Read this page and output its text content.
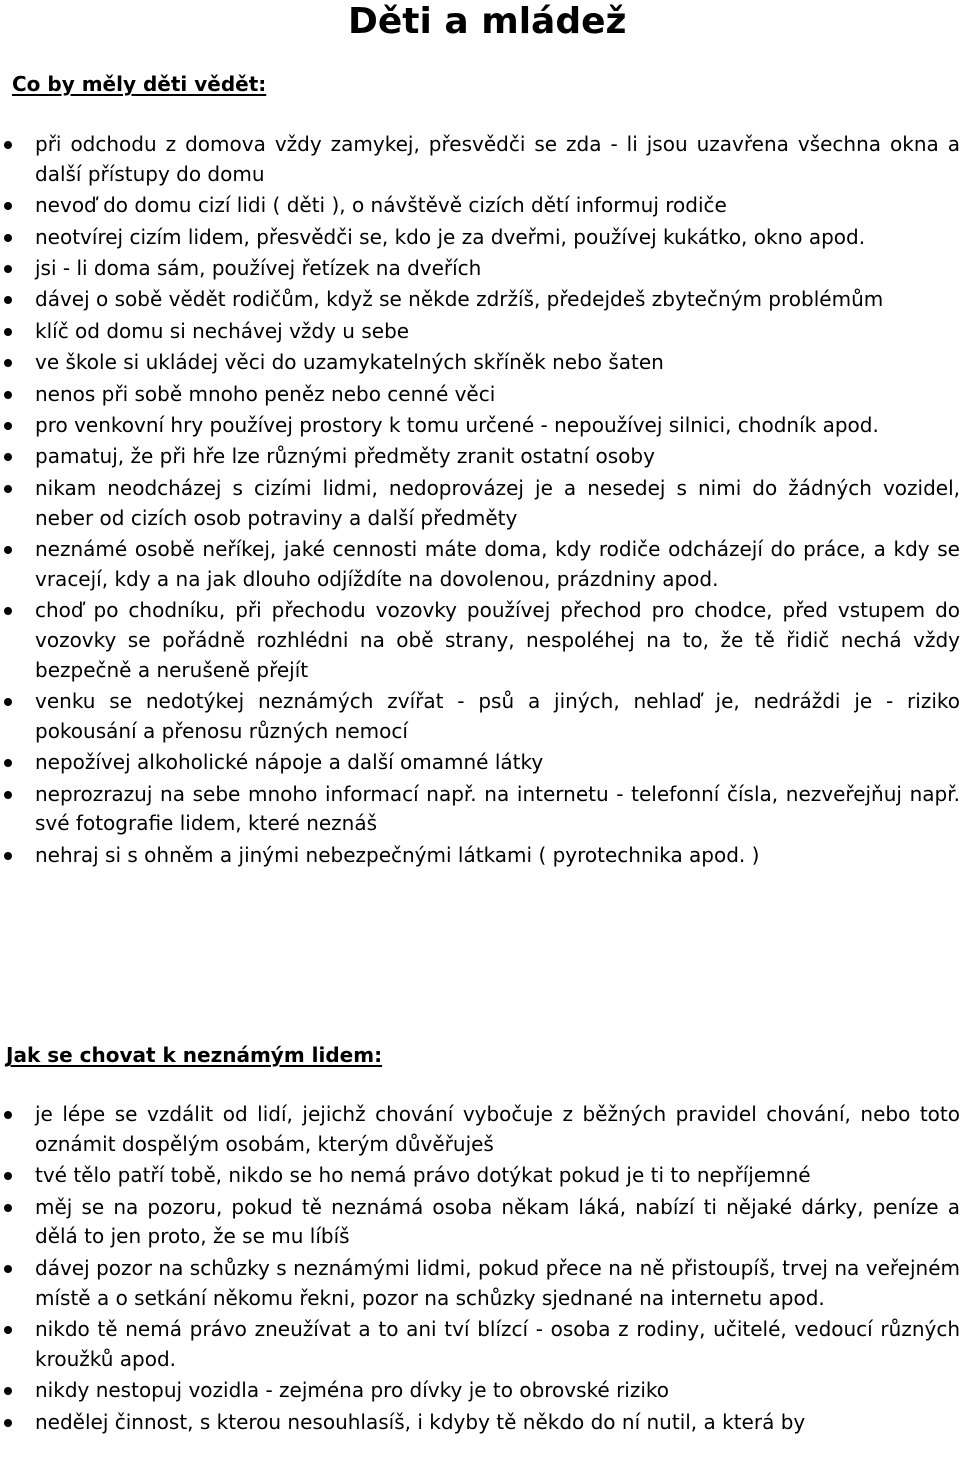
Děti a mládež
Co by měly děti vědět:
při odchodu z domova vždy zamykej, přesvědči se zda - li jsou uzavřena všechna okna a další přístupy do domu
nevoď do domu cizí lidi ( děti ), o návštěvě cizích dětí informuj rodiče
neotvírej cizím lidem, přesvědči se, kdo je za dveřmi, používej kukátko, okno apod.
jsi - li doma sám, používej řetízek na dveřích
dávej o sobě vědět rodičům, když se někde zdržíš, předejdeš zbytečným problémům
klíč od domu si nechávej vždy u sebe
ve škole si ukládej věci do uzamykatelných skříněk nebo šaten
nenos při sobě mnoho peněz nebo cenné věci
pro venkovní hry používej prostory k tomu určené - nepoužívej silnici, chodník apod.
pamatuj, že při hře lze různými předměty zranit ostatní osoby
nikam neodcházej s cizími lidmi, nedoprovázej je a nesedej s nimi do žádných vozidel, neber od cizích osob potraviny a další předměty
neznámé osobě neříkej, jaké cennosti máte doma, kdy rodiče odcházejí do práce, a kdy se vracejí, kdy a na jak dlouho odjíždíte na dovolenou, prázdniny apod.
choď po chodníku, při přechodu vozovky používej přechod pro chodce, před vstupem do vozovky se pořádně rozhlédni na obě strany, nespoléhej na to, že tě řidič nechá vždy bezpečně a nerušeně přejít
venku se nedotýkej neznámých zvířat - psů a jiných, nehlaď je, nedráždi je - riziko pokousání a přenosu různých nemocí
nepožívej alkoholické nápoje a další omamné látky
neprozrazuj na sebe mnoho informací např. na internetu - telefonní čísla, nezveřejňuj např. své fotografie lidem, které neznáš
nehraj si s ohněm a jinými nebezpečnými látkami ( pyrotechnika apod. )
Jak se chovat k neznámým lidem:
je lépe se vzdálit od lidí, jejichž chování vybočuje z běžných pravidel chování, nebo toto oznámit dospělým osobám, kterým důvěřuješ
tvé tělo patří tobě, nikdo se ho nemá právo dotýkat pokud je ti to nepříjemné
měj se na pozoru, pokud tě neznámá osoba někam láká, nabízí ti nějaké dárky, peníze a dělá to jen proto, že se mu líbíš
dávej pozor na schůzky s neznámými lidmi, pokud přece na ně přistoupíš, trvej na veřejném místě a o setkání někomu řekni, pozor na schůzky sjednané na internetu apod.
nikdo tě nemá právo zneužívat a to ani tví blízcí - osoba z rodiny, učitelé, vedoucí různých kroužků apod.
nikdy nestopuj vozidla - zejména pro dívky je to obrovské riziko
nedělej činnost, s kterou nesouhlasíš, i kdyby tě někdo do ní nutil, a která by
